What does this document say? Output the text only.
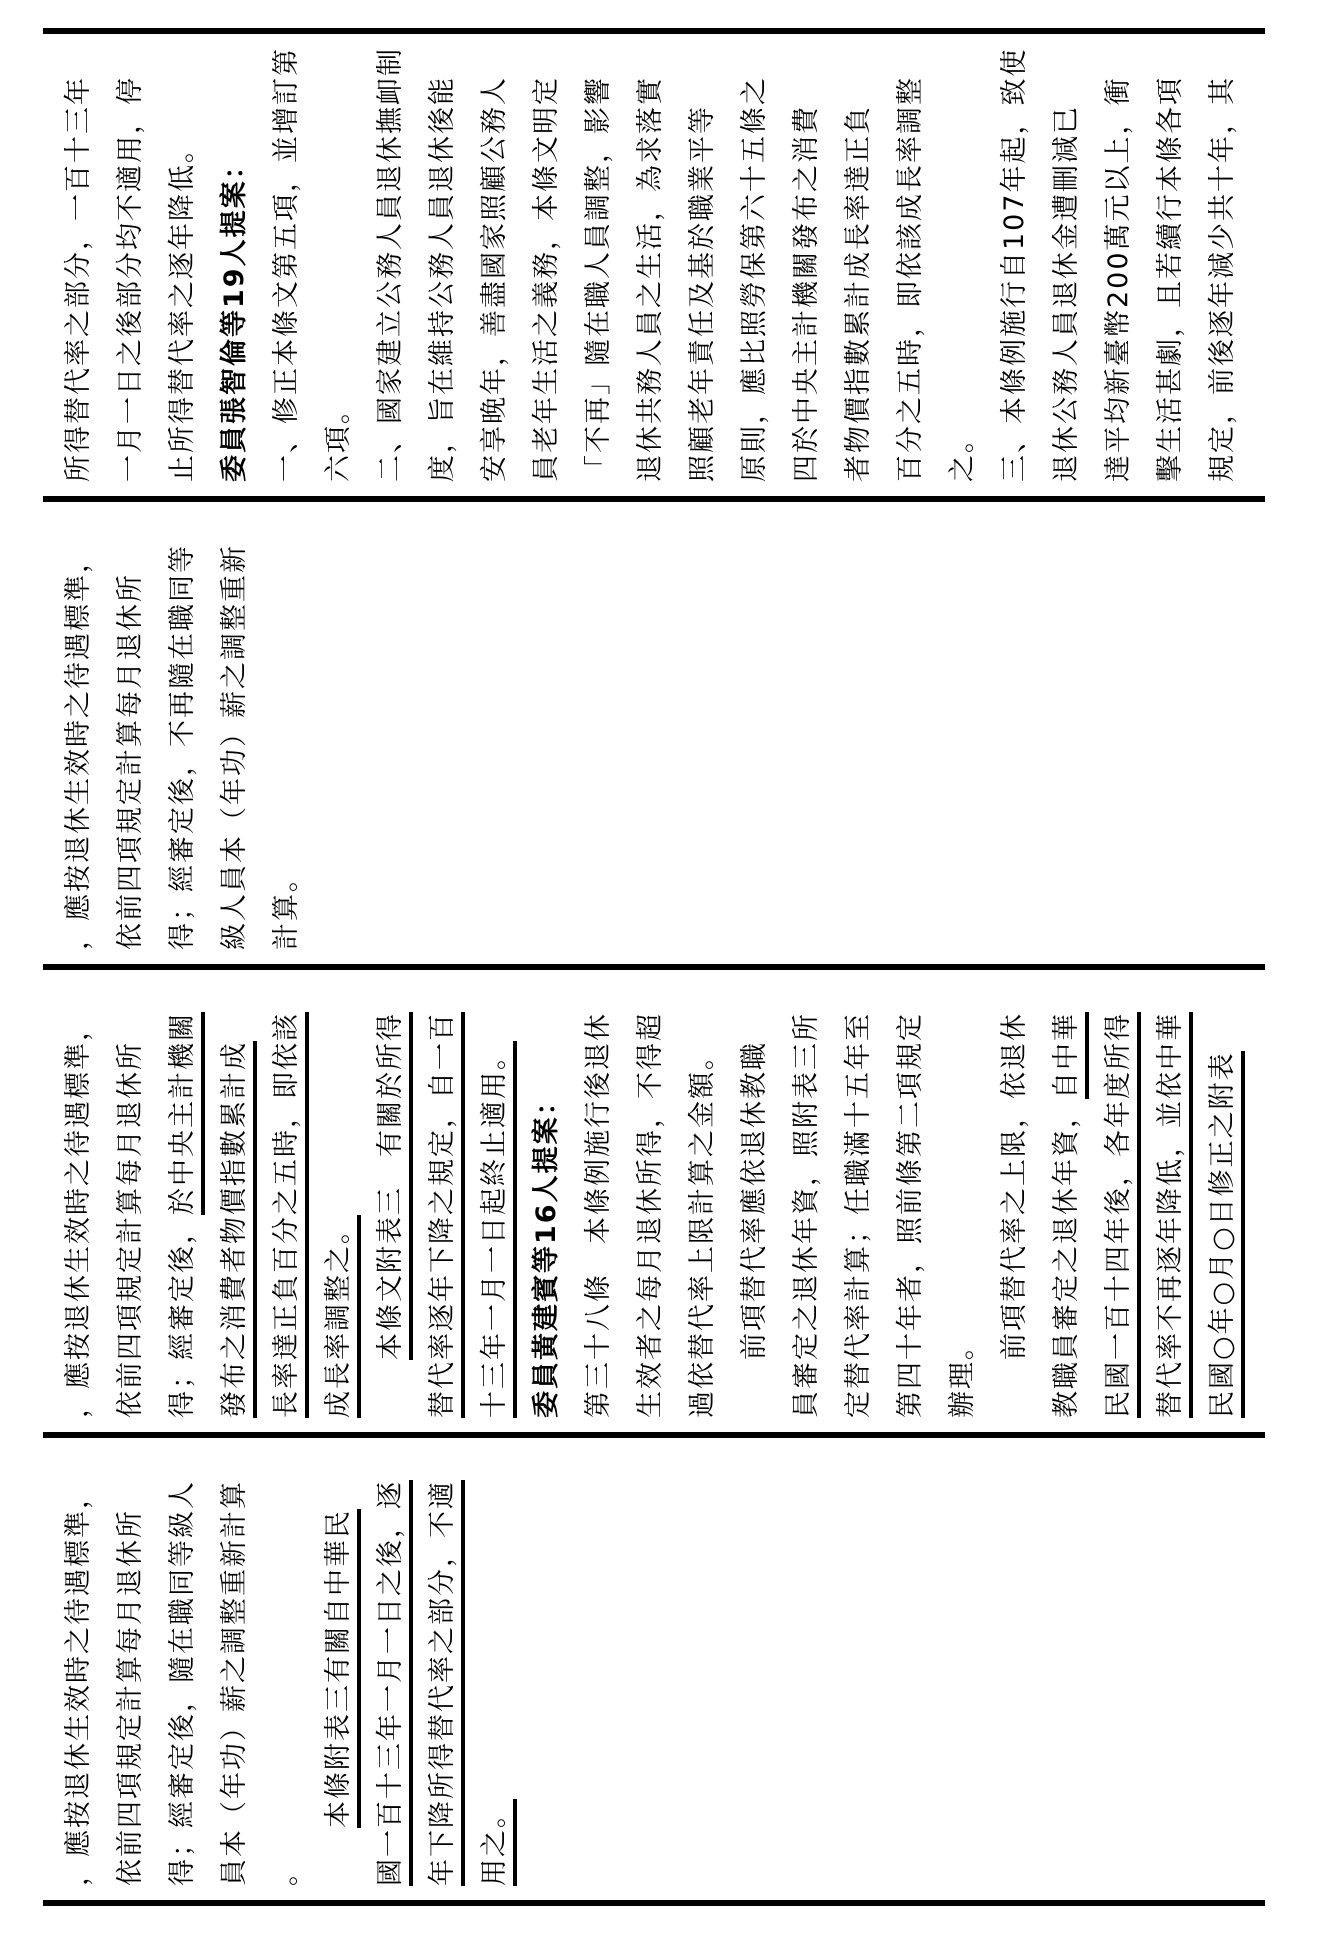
所得替代率之部分，一百十三年 一月一日之後部分均不適用，停 止所得替代率之逐年降低。 委員張智倫等19人提案： 一、修正本條文第五項，並增訂第 六項。 二、國家建立公務人員退休撫卹制 度，旨在維持公務人員退休後能 安享晚年，善盡國家照顧公務人 員老年生活之義務，本條文明定 「不再」隨在職人員調整，影響 退休共務人員之生活，為求落實 照顧老年責任及基於職業平等 原則，應比照勞保第六十五條之 四於中央主計機關發布之消費 者物價指數累計成長率達正負 百分之五時，即依該成長率調整 之。 三、本條例施行自107年起，致使 退休公務人員退休金遭刪減已 達平均新臺幣200萬元以上，衝 擊生活甚劇，且若續行本條各項 規定，前後逐年減少共十年，其
，應按退休生效時之待遇標準， 依前四項規定計算每月退休所 得；經審定後，不再隨在職同等 級人員本（年功）薪之調整重新 計算。
，應按退休生效時之待遇標準， 依前四項規定計算每月退休所 得；經審定後，於中央主計機關 發布之消費者物價指數累計成 長率達正負百分之五時，即依該 成長率調整之。
　　 本條文附表三　有關於所得 替代率逐年下降之規定，自一百 十三年一月一日起終止適用。 委員黃建賓等16人提案： 第三十八條　本條例施行後退休 生效者之每月退休所得，不得超 過依替代率上限計算之金額。 　　前項替代率應依退休教職 員審定之退休年資，照附表三所 定替代率計算；任職滿十五年至 第四十年者，照前條第二項規定 辦理。 　　前項替代率之上限，依退休 教職員審定之退休年資，自中華 民國一百十四年後，各年度所得 替代率不再逐年降低，並依中華 民國○年○月○日修正之附表
，應按退休生效時之待遇標準， 依前四項規定計算每月退休所 得；經審定後，隨在職同等級人 員本（年功）薪之調整重新計算 。
　　本條附表三有關自中華民 國一百十三年一月一日之後，逐 年下降所得替代率之部分，不適 用之。
